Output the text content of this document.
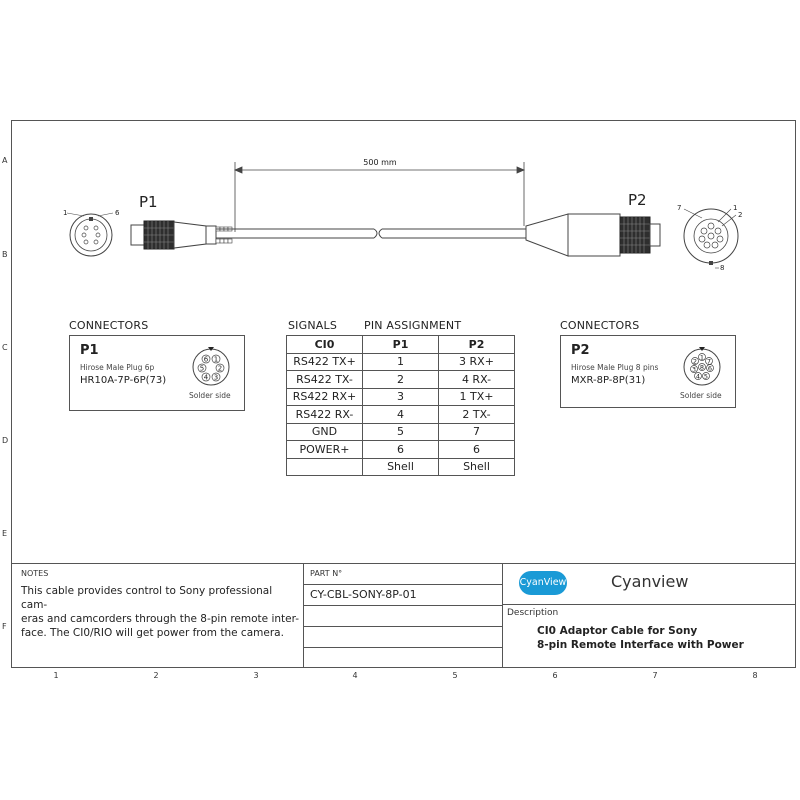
A
B
C
D
E
F
1	2	3	4	5	6	7	8
500 mm
1	6
7	1
2
8
P1	P2
CONNECTORS
P1
Hirose Male Plug 6p
HR10A-7P-6P(73)
6 1
5 2
4 3
Solder side
SIGNALS PIN ASSIGNMENT
CI0	P1	P2
RS422 TX+	1	3 RX+
RS422 TX-	2	4 RX-
RS422 RX+	3	1 TX+
RS422 RX-	4	2 TX-
GND	5	7
POWER+	6	6
	Shell	Shell
CONNECTORS
P2
Hirose Male Plug 8 pins
MXR-8P-8P(31)
1
2 7
6
8
3
4 5
Solder side
NOTES
This cable provides control to Sony professional cam-
eras and camcorders through the 8-pin remote inter-
face. The CI0/RIO will get power from the camera.
PART N°
CY-CBL-SONY-8P-01
CyanView	Cyanview
Description
CI0 Adaptor Cable for Sony
8-pin Remote Interface with Power
